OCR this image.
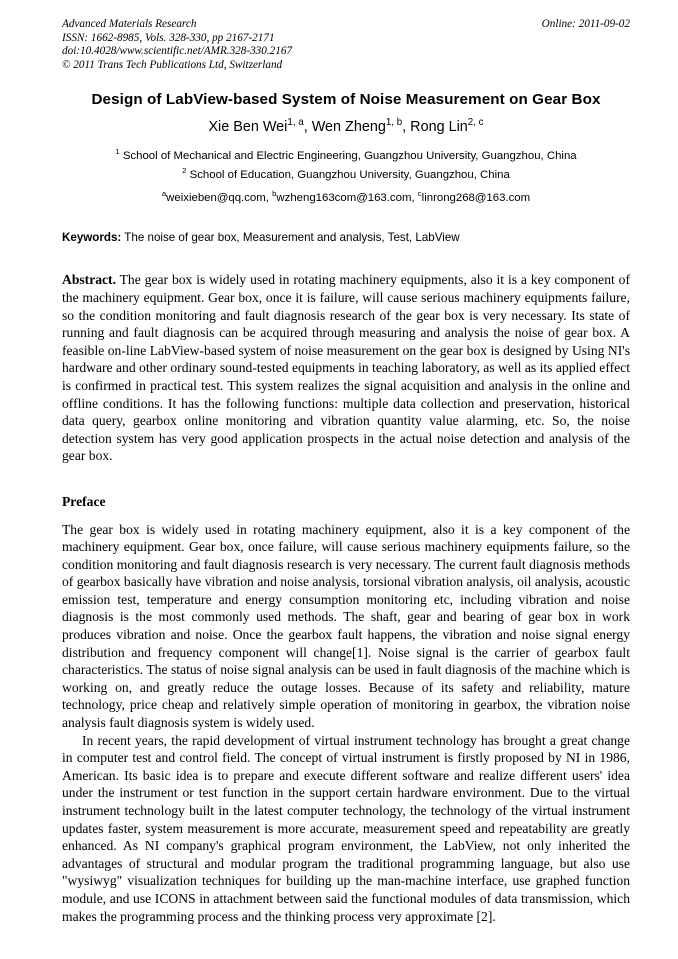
Advanced Materials Research
ISSN: 1662-8985, Vols. 328-330, pp 2167-2171
doi:10.4028/www.scientific.net/AMR.328-330.2167
© 2011 Trans Tech Publications Ltd, Switzerland
Online: 2011-09-02
Design of LabView-based System of Noise Measurement on Gear Box
Xie Ben Wei$^{1, a}$, Wen Zheng$^{1, b}$, Rong Lin$^{2, c}$
$^1$ School of Mechanical and Electric Engineering, Guangzhou University, Guangzhou, China
$^2$ School of Education, Guangzhou University, Guangzhou, China
$^a$weixieben@qq.com, $^b$wzheng163com@163.com, $^c$linrong268@163.com
Keywords: The noise of gear box, Measurement and analysis, Test, LabView
Abstract. The gear box is widely used in rotating machinery equipments, also it is a key component of the machinery equipment. Gear box, once it is failure, will cause serious machinery equipments failure, so the condition monitoring and fault diagnosis research of the gear box is very necessary. Its state of running and fault diagnosis can be acquired through measuring and analysis the noise of gear box. A feasible on-line LabView-based system of noise measurement on the gear box is designed by Using NI's hardware and other ordinary sound-tested equipments in teaching laboratory, as well as its applied effect is confirmed in practical test. This system realizes the signal acquisition and analysis in the online and offline conditions. It has the following functions: multiple data collection and preservation, historical data query, gearbox online monitoring and vibration quantity value alarming, etc. So, the noise detection system has very good application prospects in the actual noise detection and analysis of the gear box.
Preface
The gear box is widely used in rotating machinery equipment, also it is a key component of the machinery equipment. Gear box, once failure, will cause serious machinery equipments failure, so the condition monitoring and fault diagnosis research is very necessary. The current fault diagnosis methods of gearbox basically have vibration and noise analysis, torsional vibration analysis, oil analysis, acoustic emission test, temperature and energy consumption monitoring etc, including vibration and noise diagnosis is the most commonly used methods. The shaft, gear and bearing of gear box in work produces vibration and noise. Once the gearbox fault happens, the vibration and noise signal energy distribution and frequency component will change[1]. Noise signal is the carrier of gearbox fault characteristics. The status of noise signal analysis can be used in fault diagnosis of the machine which is working on, and greatly reduce the outage losses. Because of its safety and reliability, mature technology, price cheap and relatively simple operation of monitoring in gearbox, the vibration noise analysis fault diagnosis system is widely used.
In recent years, the rapid development of virtual instrument technology has brought a great change in computer test and control field. The concept of virtual instrument is firstly proposed by NI in 1986, American. Its basic idea is to prepare and execute different software and realize different users' idea under the instrument or test function in the support certain hardware environment. Due to the virtual instrument technology built in the latest computer technology, the technology of the virtual instrument updates faster, system measurement is more accurate, measurement speed and repeatability are greatly enhanced. As NI company's graphical program environment, the LabView, not only inherited the advantages of structural and modular program the traditional programming language, but also use "wysiwyg" visualization techniques for building up the man-machine interface, use graphed function module, and use ICONS in attachment between said the functional modules of data transmission, which makes the programming process and the thinking process very approximate [2].
